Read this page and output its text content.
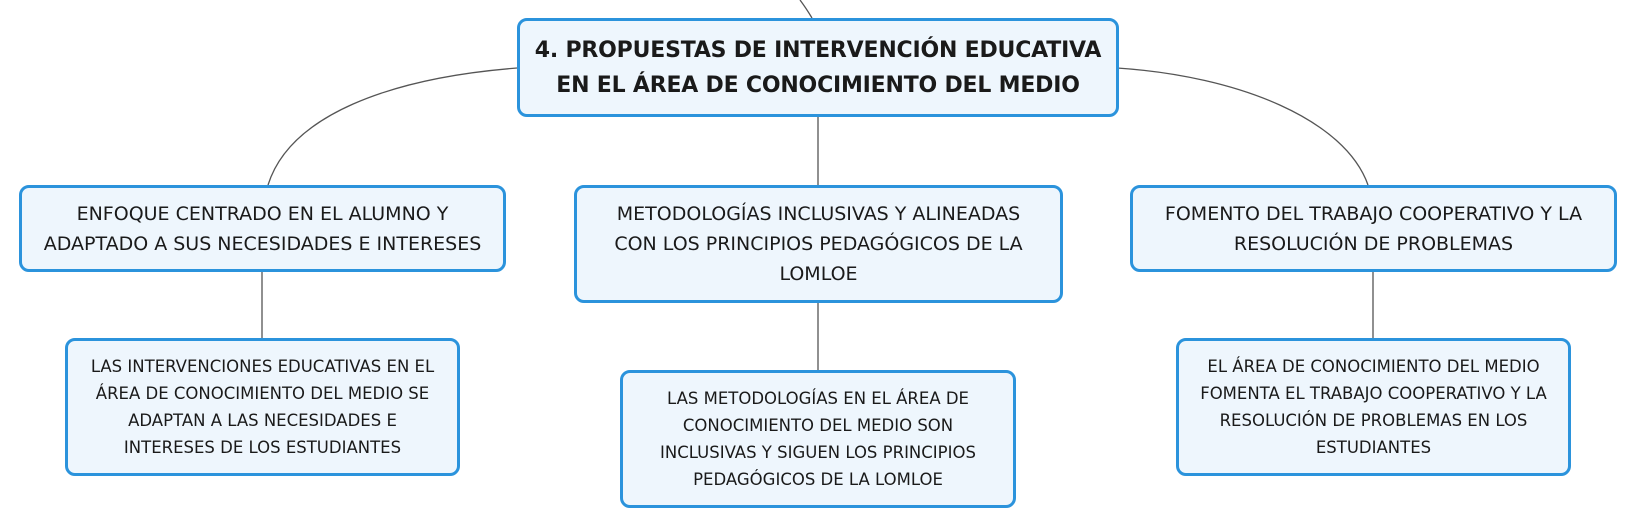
4. PROPUESTAS DE INTERVENCIÓN EDUCATIVA EN EL ÁREA DE CONOCIMIENTO DEL MEDIO
ENFOQUE CENTRADO EN EL ALUMNO Y ADAPTADO A SUS NECESIDADES E INTERESES
METODOLOGÍAS INCLUSIVAS Y ALINEADAS CON LOS PRINCIPIOS PEDAGÓGICOS DE LA LOMLOE
FOMENTO DEL TRABAJO COOPERATIVO Y LA RESOLUCIÓN DE PROBLEMAS
LAS INTERVENCIONES EDUCATIVAS EN EL ÁREA DE CONOCIMIENTO DEL MEDIO SE ADAPTAN A LAS NECESIDADES E INTERESES DE LOS ESTUDIANTES
LAS METODOLOGÍAS EN EL ÁREA DE CONOCIMIENTO DEL MEDIO SON INCLUSIVAS Y SIGUEN LOS PRINCIPIOS PEDAGÓGICOS DE LA LOMLOE
EL ÁREA DE CONOCIMIENTO DEL MEDIO FOMENTA EL TRABAJO COOPERATIVO Y LA RESOLUCIÓN DE PROBLEMAS EN LOS ESTUDIANTES
